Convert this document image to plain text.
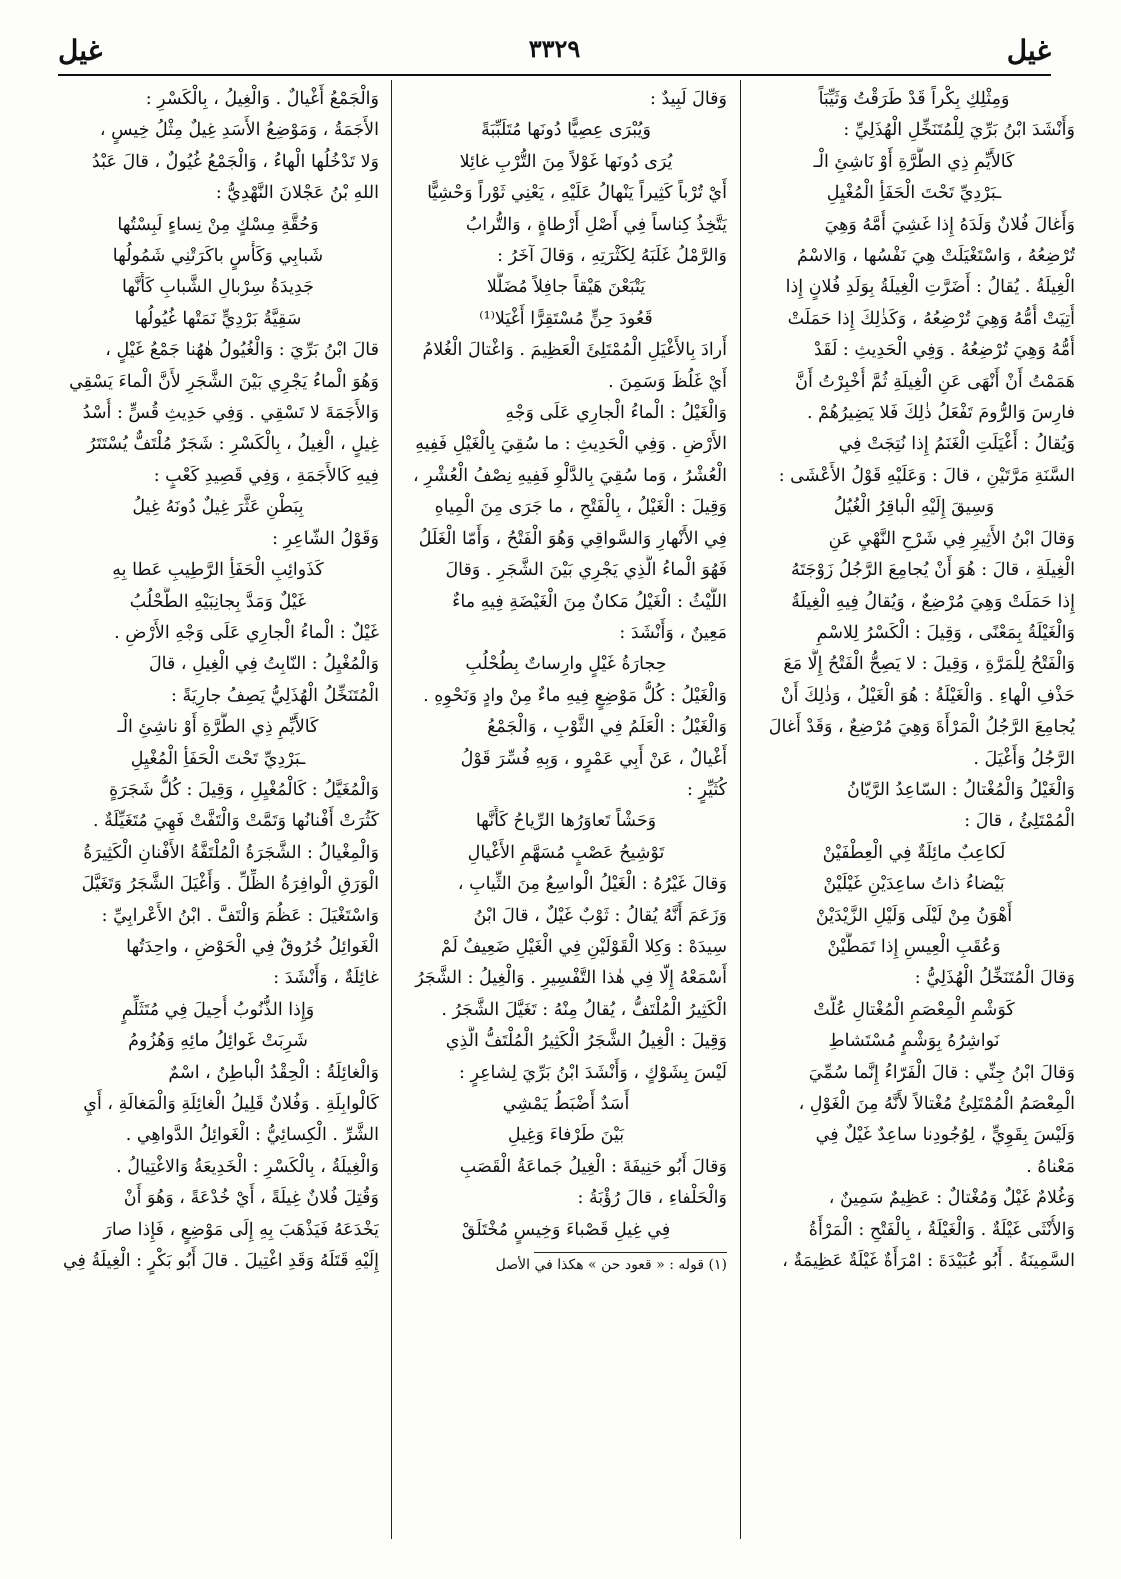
غيل
٣٣٢٩
غيل
وَمِثْلِكِ بِكْراً قَدْ طَرَقْتُ وَثَيِّبَاً
وَأَنْشَدَ ابْنُ بَرِّيَ لِلْمُتَنَخِّلِ الْهُذَلِيِّ :
كَالأَيِّمِ ذِي الطُّرَّةِ أَوْ نَاشِئِ الْـ
ـبَرْدِيِّ تَحْتَ الْحَفَأِ الْمُغْيِلِ
وَأَغالَ فُلانٌ وَلَدَهُ إِذا غَشِيَ أُمَّهُ وَهِيَ
تُرْضِعُهُ ، وَاسْتَغْيَلَتْ هِيَ نَفْسُها ، وَالاسْمُ
الْغِيلَةُ . يُقالُ : أَضَرَّتِ الْغِيلَةُ بِوَلَدِ فُلانٍ إِذا
أُتِيَتْ أُمُّهُ وَهِيَ تُرْضِعُهُ ، وَكَذٰلِكَ إِذا حَمَلَتْ
أُمُّهُ وَهِيَ تُرْضِعُهُ . وَفِي الْحَدِيثِ : لَقَدْ
هَمَمْتُ أَنْ أَنْهَى عَنِ الْغِيلَةِ ثُمَّ أُخْبِرْتُ أَنَّ
فارِسَ وَالرُّومَ تَفْعَلُ ذٰلِكَ فَلا يَضِيرُهُمْ .
وَيُقالُ : أَغْيَلَتِ الْغَنَمُ إِذا نُتِجَتْ فِي
السَّنَةِ مَرَّتَيْنِ ، قالَ : وَعَلَيْهِ قَوْلُ الأَعْشَى :
وَسِيقَ إِلَيْهِ الْباقِرُ الْغُيُلُ
وَقالَ ابْنُ الأَثِيرِ فِي شَرْحِ النَّهْيِ عَنِ
الْغِيلَةِ ، قالَ : هُوَ أَنْ يُجامِعَ الرَّجُلُ زَوْجَتَهُ
إِذا حَمَلَتْ وَهِيَ مُرْضِعٌ ، وَيُقالُ فِيهِ الْغِيلَةُ
وَالْغَيْلَةُ بِمَعْنًى ، وَقِيلَ : الْكَسْرُ لِلاسْمِ
وَالْفَتْحُ لِلْمَرَّةِ ، وَقِيلَ : لا يَصِحُّ الْفَتْحُ إِلَّا مَعَ
حَذْفِ الْهاءِ . وَالْغَيْلَةُ : هُوَ الْغَيْلُ ، وَذٰلِكَ أَنْ
يُجامِعَ الرَّجُلُ الْمَرْأَةَ وَهِيَ مُرْضِعٌ ، وَقَدْ أَغالَ
الرَّجُلُ وَأَغْيَلَ .
وَالْغَيْلُ وَالْمُغْتالُ : السّاعِدُ الرَّيّانُ
الْمُمْتَلِئُ ، قالَ :
لَكاعِبٌ مائِلَةٌ فِي الْعِطْفَيْنْ
بَيْضاءُ ذاتُ ساعِدَيْنِ غَيْلَيْنْ
أَهْوَنُ مِنْ لَيْلَى وَلَيْلِ الزَّيْدَيْنْ
وَعُقَبِ الْعِيسِ إِذا تَمَطَّيْنْ
وَقالَ الْمُتَنَخِّلُ الْهُذَلِيُّ :
كَوَشْمِ الْمِعْصَمِ الْمُغْتالِ عُلَّتْ
نَواشِرُهُ بِوَشْمٍ مُسْتَشاطِ
وَقالَ ابْنُ جِنِّي : قالَ الْفَرّاءُ إِنَّما سُمِّيَ
الْمِعْصَمُ الْمُمْتَلِئُ مُغْتالاً لأَنَّهُ مِنَ الْغَوْلِ ،
وَلَيْسَ بِقَوِيٍّ ، لِوُجُودِنا ساعِدٌ غَيْلٌ فِي
مَعْناهُ .
وَغُلامٌ غَيْلٌ وَمُغْتالٌ : عَظِيمٌ سَمِينٌ ،
وَالأُنْثَى غَيْلَةٌ . وَالْغَيْلَةُ ، بِالْفَتْحِ : الْمَرْأَةُ
السَّمِينَةُ . أَبُو عُبَيْدَةَ : امْرَأَةٌ غَيْلَةٌ عَظِيمَةٌ ،
وَقالَ لَبِيدٌ :
وَيُبْرَى عِصِيًّا دُونَها مُتَلَبِّبَةً
يُرَى دُونَها غَوْلاً مِنَ التُّرْبِ غائِلا
أَيْ تُرْباً كَثِيراً يَنْهالُ عَلَيْهِ ، يَعْنِي ثَوْراً وَحْشِيًّا
يَتَّخِذُ كِناساً فِي أَصْلِ أَرْطاةٍ ، وَالتُّرابُ
وَالرَّمْلُ غَلَبَهُ لِكَثْرَتِهِ ، وَقالَ آخَرُ :
يَتْبَعْنَ هَيْقاً جافِلاً مُضَلَّلا
قَعُودَ حِنٍّ مُسْتَقِرًّا أَغْيَلا⁽¹⁾
أَرادَ بِالأَغْيَلِ الْمُمْتَلِئَ الْعَظِيمَ . وَاغْتالَ الْغُلامُ
أَيْ غَلُظَ وَسَمِنَ .
وَالْغَيْلُ : الْماءُ الْجارِي عَلَى وَجْهِ
الأَرْضِ . وَفِي الْحَدِيثِ : ما سُقِيَ بِالْغَيْلِ فَفِيهِ
الْعُشْرُ ، وَما سُقِيَ بِالدَّلْوِ فَفِيهِ نِصْفُ الْعُشْرِ ،
وَقِيلَ : الْغَيْلُ ، بِالْفَتْحِ ، ما جَرَى مِنَ الْمِياهِ
فِي الأَنْهارِ وَالسَّواقِي وَهُوَ الْفَتْحُ ، وَأَمّا الْغَلَلُ
فَهُوَ الْماءُ الَّذِي يَجْرِي بَيْنَ الشَّجَرِ . وَقالَ
اللَّيْثُ : الْغَيْلُ مَكانٌ مِنَ الْغَيْضَةِ فِيهِ ماءٌ
مَعِينٌ ، وَأَنْشَدَ :
حِجارَةُ غَيْلٍ وارِساتٌ بِطُحْلُبِ
وَالْغَيْلُ : كُلُّ مَوْضِعٍ فِيهِ ماءٌ مِنْ وادٍ وَنَحْوِهِ .
وَالْغَيْلُ : الْعَلَمُ فِي الثَّوْبِ ، وَالْجَمْعُ
أَغْيالٌ ، عَنْ أَبِي عَمْرٍو ، وَبِهِ فُسِّرَ قَوْلُ
كُثَيِّرٍ :
وَحَشْاً تَعاوَرُها الرِّياحُ كَأَنَّها
تَوْشِيحُ عَصْبٍ مُسَهَّمِ الأَغْيالِ
وَقالَ غَيْرُهُ : الْغَيْلُ الْواسِعُ مِنَ الثِّيابِ ،
وَزَعَمَ أَنَّهُ يُقالُ : ثَوْبٌ غَيْلٌ ، قالَ ابْنُ
سِيدَهْ : وَكِلا الْقَوْلَيْنِ فِي الْغَيْلِ ضَعِيفٌ لَمْ
أَسْمَعْهُ إِلّا فِي هٰذا التَّفْسِيرِ . وَالْغِيلُ : الشَّجَرُ
الْكَثِيرُ الْمُلْتَفُّ ، يُقالُ مِنْهُ : تَغَيَّلَ الشَّجَرُ .
وَقِيلَ : الْغِيلُ الشَّجَرُ الْكَثِيرُ الْمُلْتَفُّ الَّذِي
لَيْسَ بِشَوْكٍ ، وَأَنْشَدَ ابْنُ بَرِّيَ لِشاعِرٍ :
أَسَدٌ أَضْبَطُ يَمْشِي
بَيْنَ طَرْفاءَ وَغِيلِ
وَقالَ أَبُو حَنِيفَةَ : الْغِيلُ جَماعَةُ الْقَصَبِ
وَالْحَلْفاءِ ، قالَ رُؤْبَةُ :
فِي غِيلِ قَصْباءَ وَخِيسٍ مُخْتَلَقْ
(١) قوله : « قعود حن » هكذا في الأصل
وَالْجَمْعُ أَغْيالٌ . وَالْغِيلُ ، بِالْكَسْرِ :
الأَجَمَةُ ، وَمَوْضِعُ الأَسَدِ غِيلٌ مِثْلُ خِيسٍ ،
وَلا تَدْخُلُها الْهاءُ ، وَالْجَمْعُ غُيُولٌ ، قالَ عَبْدُ
اللهِ بْنُ عَجْلانَ النَّهْدِيُّ :
وَحُقَّةِ مِسْكٍ مِنْ نِساءٍ لَبِسْتُها
شَبابِي وَكَأْسٍ باكَرَتْنِي شَمُولُها
جَدِيدَةُ سِرْبالِ الشَّبابِ كَأَنَّها
سَقِيَّةُ بَرْدِيٍّ نَمَتْها غُيُولُها
قالَ ابْنُ بَرِّيَ : وَالْغُيُولُ هٰهُنا جَمْعُ غَيْلٍ ،
وَهُوَ الْماءُ يَجْرِي بَيْنَ الشَّجَرِ لأَنَّ الْماءَ يَسْقِي
وَالأَجَمَةَ لا تَسْقِي . وَفِي حَدِيثِ قُسٍّ : أُسْدُ
غِيلٍ ، الْغِيلُ ، بِالْكَسْرِ : شَجَرٌ مُلْتَفٌّ يُسْتَتَرُ
فِيهِ كَالأَجَمَةِ ، وَفِي قَصِيدِ كَعْبٍ :
بِبَطْنِ عَثَّرَ غِيلٌ دُونَهُ غِيلُ
وَقَوْلُ الشّاعِرِ :
كَذَوائِبِ الْحَفَأِ الرَّطِيبِ عَطا بِهِ
غَيْلٌ وَمَدَّ بِجانِبَيْهِ الطُّحْلُبُ
غَيْلٌ : الْماءُ الْجارِي عَلَى وَجْهِ الأَرْضِ .
وَالْمُغْيِلُ : النّابِتُ فِي الْغِيلِ ، قالَ
الْمُتَنَخِّلُ الْهُذَلِيُّ يَصِفُ جارِيَةً :
كَالأَيِّمِ ذِي الطُّرَّةِ أَوْ ناشِئِ الْـ
ـبَرْدِيِّ تَحْتَ الْحَفَأِ الْمُغْيِلِ
وَالْمُغَيَّلُ : كَالْمُغْيِلِ ، وَقِيلَ : كُلُّ شَجَرَةٍ
كَثُرَتْ أَفْنانُها وَتَمَّتْ وَالْتَفَّتْ فَهِيَ مُتَغَيِّلَةٌ .
وَالْمِغْيالُ : الشَّجَرَةُ الْمُلْتَفَّةُ الأَفْنانِ الْكَثِيرَةُ
الْوَرَقِ الْوافِرَةُ الظِّلِّ . وَأَغْيَلَ الشَّجَرُ وَتَغَيَّلَ
وَاسْتَغْيَلَ : عَظُمَ وَالْتَفَّ . ابْنُ الأَعْرابِيِّ :
الْغَوائِلُ خُرُوقٌ فِي الْحَوْضِ ، واحِدَتُها
غائِلَةٌ ، وَأَنْشَدَ :
وَإِذا الذُّنُوبُ أُحِيلَ فِي مُتَثَلِّمٍ
شَرِبَتْ غَوائِلُ مائِهِ وَهُزُومُ
وَالْغائِلَةُ : الْحِقْدُ الْباطِنُ ، اسْمٌ
كَالْوابِلَةِ . وَفُلانٌ قَلِيلُ الْغائِلَةِ وَالْمَغالَةِ ، أَيِ
الشَّرِّ . الْكِسائِيُّ : الْغَوائِلُ الدَّواهِي .
وَالْغِيلَةُ ، بِالْكَسْرِ : الْخَدِيعَةُ وَالاغْتِيالُ .
وَقُتِلَ فُلانٌ غِيلَةً ، أَيْ خُدْعَةً ، وَهُوَ أَنْ
يَخْدَعَهُ فَيَذْهَبَ بِهِ إِلَى مَوْضِعٍ ، فَإِذا صارَ
إِلَيْهِ قَتَلَهُ وَقَدِ اغْتِيلَ . قالَ أَبُو بَكْرٍ : الْغِيلَةُ فِي
